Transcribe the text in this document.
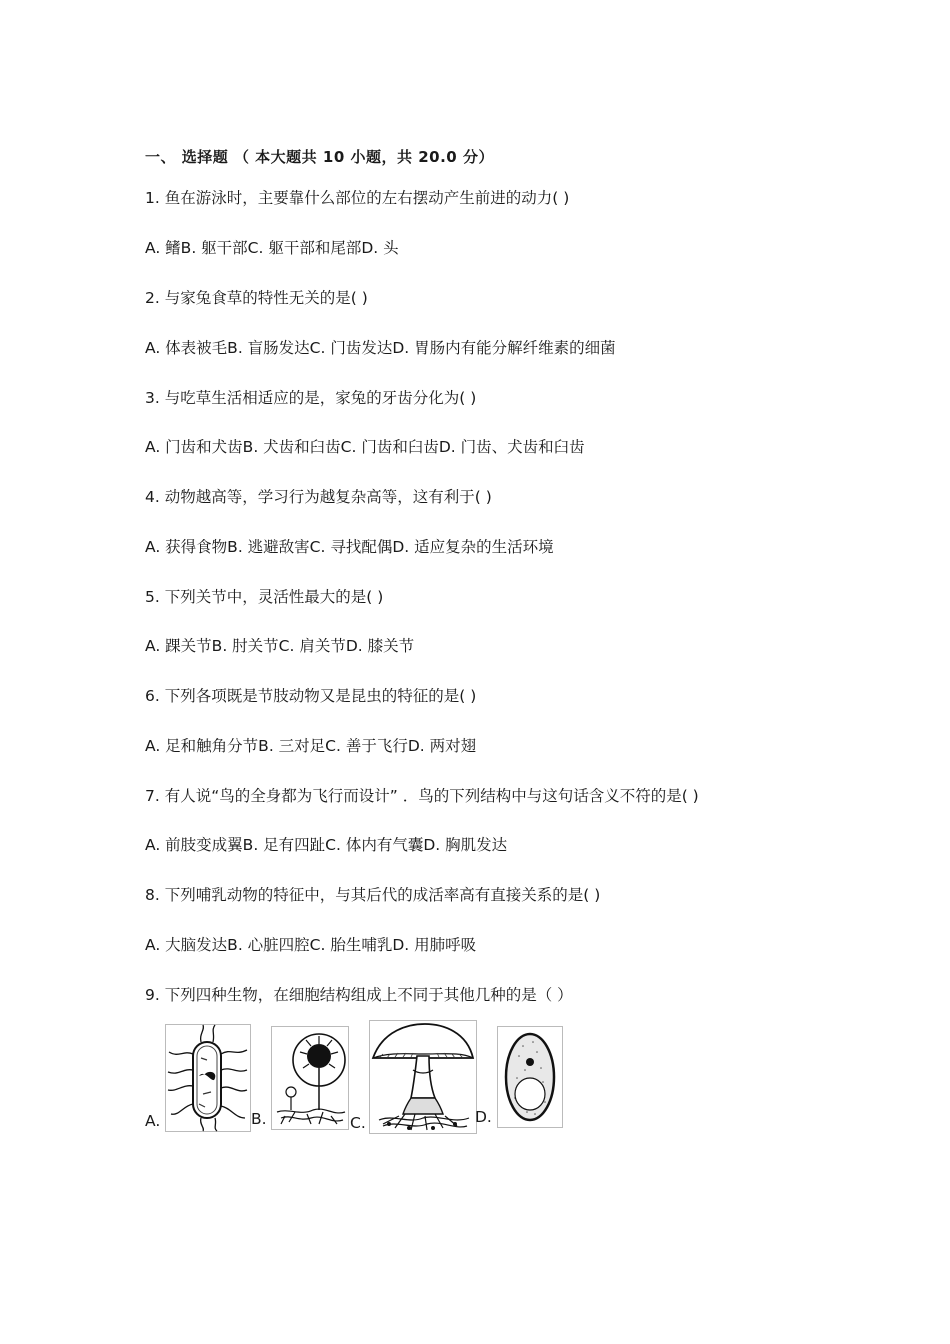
一、 选择题 （ 本大题共 10 小题，共 20.0 分）
1. 鱼在游泳时，主要靠什么部位的左右摆动产生前进的动力( )
A. 鳍B. 躯干部C. 躯干部和尾部D. 头
2. 与家兔食草的特性无关的是( )
A. 体表被毛B. 盲肠发达C. 门齿发达D. 胃肠内有能分解纤维素的细菌
3. 与吃草生活相适应的是，家兔的牙齿分化为( )
A. 门齿和犬齿B. 犬齿和臼齿C. 门齿和臼齿D. 门齿、犬齿和臼齿
4. 动物越高等，学习行为越复杂高等，这有利于( )
A. 获得食物B. 逃避敌害C. 寻找配偶D. 适应复杂的生活环境
5. 下列关节中，灵活性最大的是( )
A. 踝关节B. 肘关节C. 肩关节D. 膝关节
6. 下列各项既是节肢动物又是昆虫的特征的是( )
A. 足和触角分节B. 三对足C. 善于飞行D. 两对翅
7. 有人说“鸟的全身都为飞行而设计” ．鸟的下列结构中与这句话含义不符的是( )
A. 前肢变成翼B. 足有四趾C. 体内有气囊D. 胸肌发达
8. 下列哺乳动物的特征中，与其后代的成活率高有直接关系的是( )
A. 大脑发达B. 心脏四腔C. 胎生哺乳D. 用肺呼吸
9. 下列四种生物，在细胞结构组成上不同于其他几种的是（ ）
A.	B.	C.	D.
